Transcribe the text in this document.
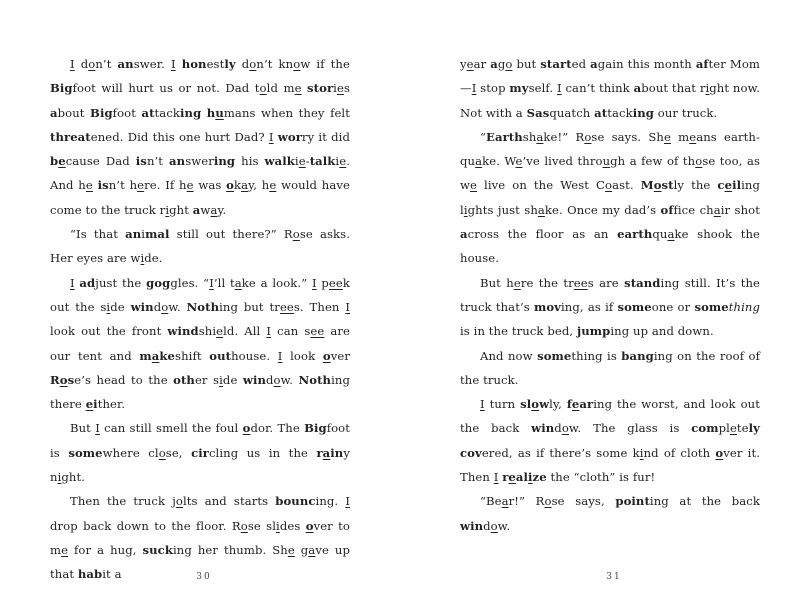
I don’t answer. I honestly don’t know if the Bigfoot will hurt us or not. Dad told me stories about Bigfoot attacking humans when they felt threatened. Did this one hurt Dad? I worry it did because Dad isn’t answering his walkie-talkie. And he isn’t here. If he was okay, he would have come to the truck right away.

“Is that animal still out there?” Rose asks. Her eyes are wide.

I adjust the goggles. “I’ll take a look.” I peek out the side window. Nothing but trees. Then I look out the front windshield. All I can see are our tent and makeshift outhouse. I look over Rose’s head to the other side window. Nothing there either.

But I can still smell the foul odor. The Bigfoot is somewhere close, circling us in the rainy night.

Then the truck jolts and starts bouncing. I drop back down to the floor. Rose slides over to me for a hug, sucking her thumb. She gave up that habit a	30

year ago but started again this month after Mom—I stop myself. I can’t think about that right now. Not with a Sasquatch attacking our truck.

“Earthshake!” Rose says. She means earth-quake. We’ve lived through a few of those too, as we live on the West Coast. Mostly the ceiling lights just shake. Once my dad’s office chair shot across the floor as an earthquake shook the house.

But here the trees are standing still. It’s the truck that’s moving, as if someone or something is in the truck bed, jumping up and down.

And now something is banging on the roof of the truck.

I turn slowly, fearing the worst, and look out the back window. The glass is completely covered, as if there’s some kind of cloth over it. Then I realize the “cloth” is fur!

“Bear!” Rose says, pointing at the back window.

31
